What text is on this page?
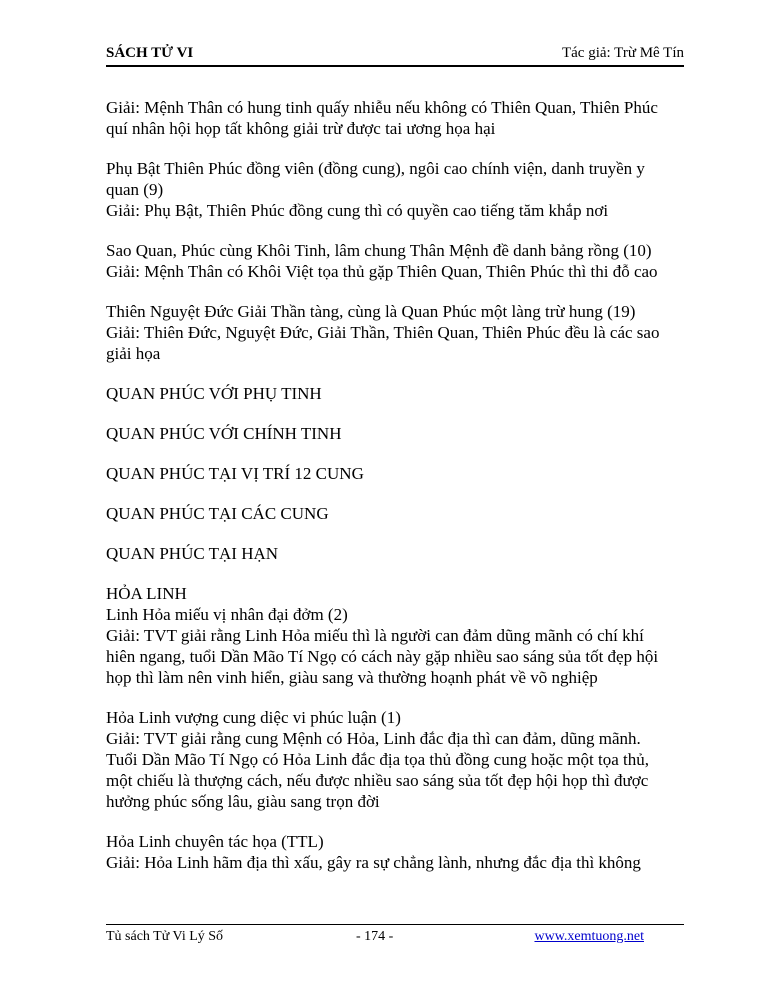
SÁCH TỬ VI	Tác giả: Trừ Mê Tín
Giải: Mệnh Thân có hung tinh quấy nhiễu nếu không có Thiên Quan, Thiên Phúc
quí nhân hội họp tất không giải trừ được tai ương họa hại
Phụ Bật Thiên Phúc đồng viên (đồng cung), ngôi cao chính viện, danh truyền y
quan (9)
Giải: Phụ Bật, Thiên Phúc đồng cung thì có quyền cao tiếng tăm khắp nơi
Sao Quan, Phúc cùng Khôi Tinh, lâm chung Thân Mệnh đề danh bảng rồng (10)
Giải: Mệnh Thân có Khôi Việt tọa thủ gặp Thiên Quan, Thiên Phúc thì thi đỗ cao
Thiên Nguyệt Đức Giải Thần tàng, cùng là Quan Phúc một làng trừ hung (19)
Giải: Thiên Đức, Nguyệt Đức, Giải Thần, Thiên Quan, Thiên Phúc đều là các sao
giải họa
QUAN PHÚC VỚI PHỤ TINH
QUAN PHÚC VỚI CHÍNH TINH
QUAN PHÚC TẠI VỊ TRÍ 12 CUNG
QUAN PHÚC TẠI CÁC CUNG
QUAN PHÚC TẠI HẠN
HỎA LINH
Linh Hỏa miếu vị nhân đại đởm (2)
Giải: TVT giải rằng Linh Hỏa miếu thì là người can đảm dũng mãnh có chí khí
hiên ngang, tuổi Dần Mão Tí Ngọ có cách này gặp nhiều sao sáng sủa tốt đẹp hội
họp thì làm nên vinh hiển, giàu sang và thường hoạnh phát về võ nghiệp
Hỏa Linh vượng cung diệc vi phúc luận (1)
Giải: TVT giải rằng cung Mệnh có Hỏa, Linh đắc địa thì can đảm, dũng mãnh.
Tuổi Dần Mão Tí Ngọ có Hỏa Linh đắc địa tọa thủ đồng cung hoặc một tọa thủ,
một chiếu là thượng cách, nếu được nhiều sao sáng sủa tốt đẹp hội họp thì được
hưởng phúc sống lâu, giàu sang trọn đời
Hỏa Linh chuyên tác họa (TTL)
Giải: Hỏa Linh hãm địa thì xấu, gây ra sự chẳng lành, nhưng đắc địa thì không
Tủ sách Tử Vi Lý Số	- 174 -	www.xemtuong.net
